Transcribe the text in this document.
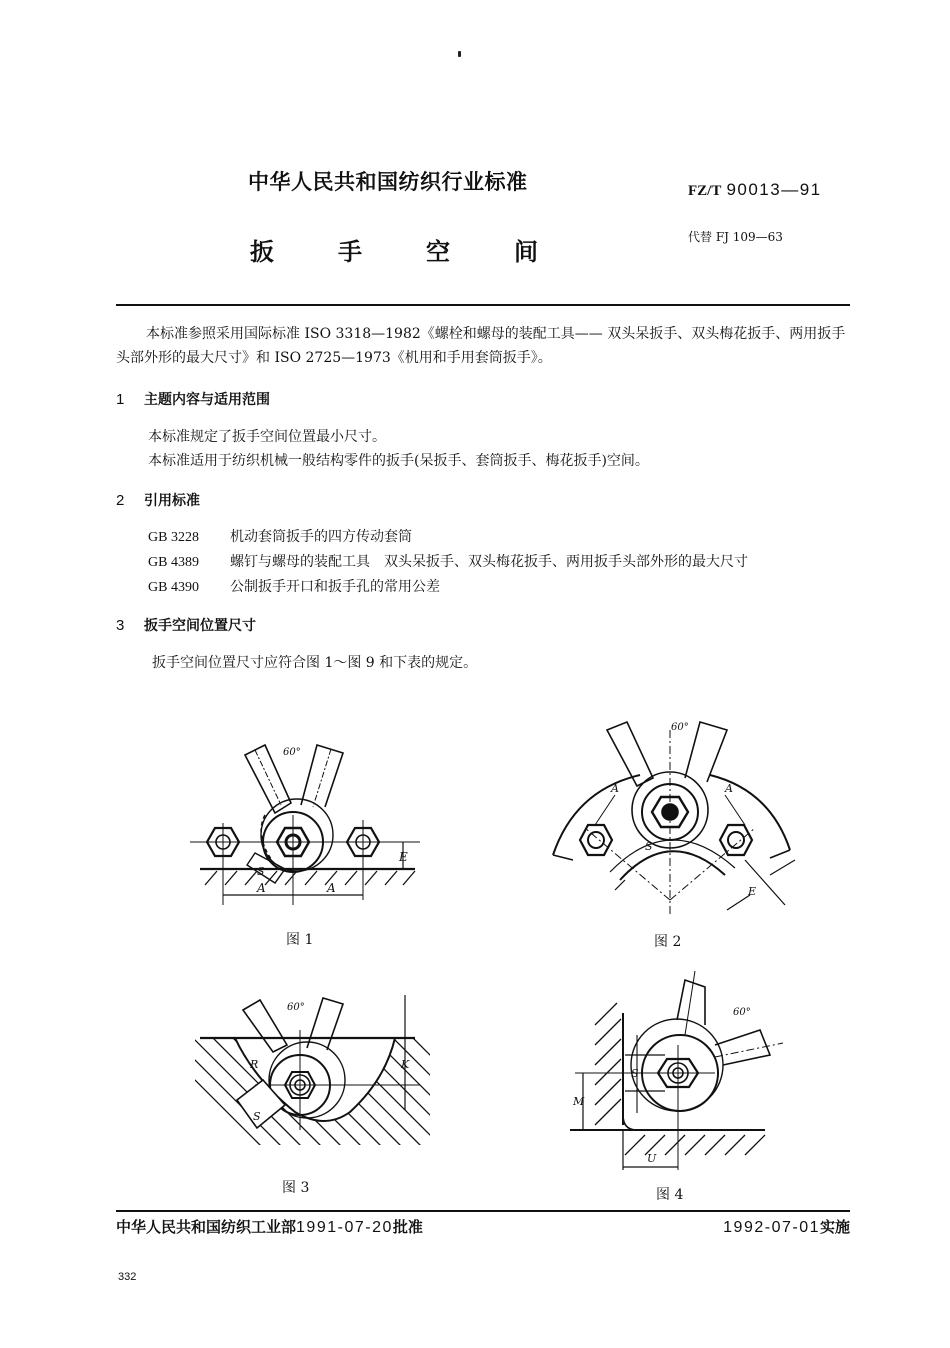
中华人民共和国纺织行业标准	FZ/T 90013—91
扳	手	空	间
代替 FJ 109—63
本标准参照采用国际标准 ISO 3318—1982《螺栓和螺母的装配工具—— 双头呆扳手、双头梅花扳手、两用扳手头部外形的最大尺寸》和 ISO 2725—1973《机用和手用套筒扳手》。
1 主题内容与适用范围
本标准规定了扳手空间位置最小尺寸。
本标准适用于纺织机械一般结构零件的扳手(呆扳手、套筒扳手、梅花扳手)空间。
2 引用标准
GB 3228 机动套筒扳手的四方传动套筒
GB 4389 螺钉与螺母的装配工具　双头呆扳手、双头梅花扳手、两用扳手头部外形的最大尺寸
GB 4390 公制扳手开口和扳手孔的常用公差
3 扳手空间位置尺寸
扳手空间位置尺寸应符合图 1～图 9 和下表的规定。
S
60°
E
A	A
图 1
A	A
S
60°
E
图 2
60°
R
S
K
图 3
60°
S
M
U
图 4
中华人民共和国纺织工业部1991-07-20批准	1992-07-01实施
332
